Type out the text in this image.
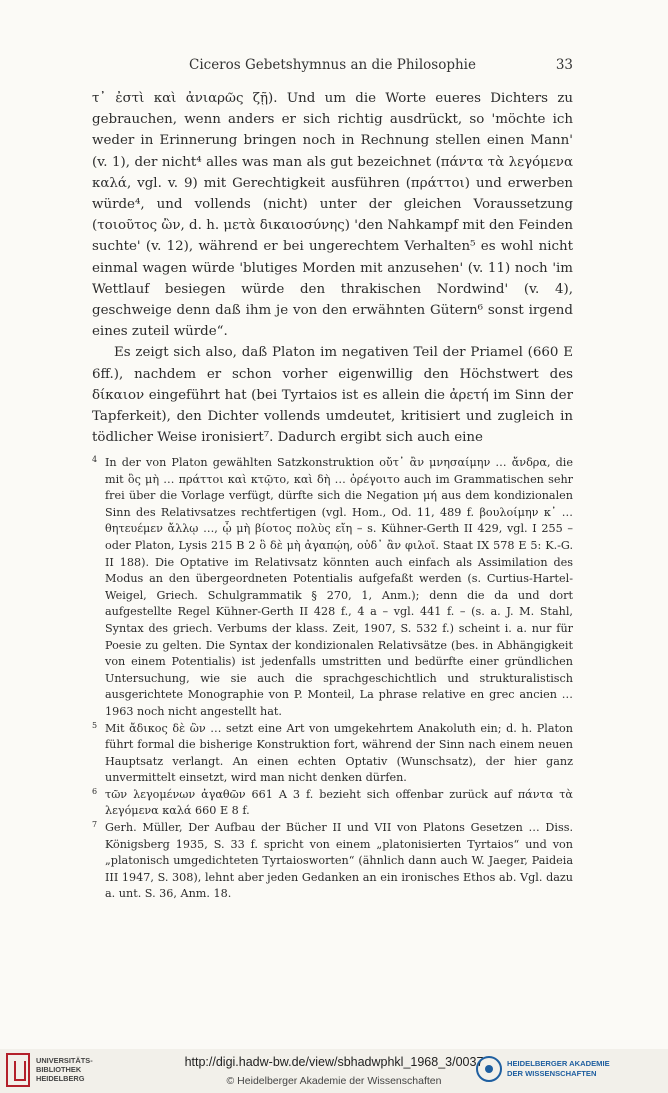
Ciceros Gebetshymnus an die Philosophie	33

τ᾽ ἐστὶ καὶ ἀνιαρῶς ζῇ). Und um die Worte eueres Dichters zu gebrauchen, wenn anders er sich richtig ausdrückt, so 'möchte ich weder in Erinnerung bringen noch in Rechnung stellen einen Mann' (v. 1), der nicht⁴ alles was man als gut bezeichnet (πάντα τὰ λεγόμενα καλά, vgl. v. 9) mit Gerechtigkeit ausführen (πράττοι) und erwerben würde⁴, und vollends (nicht) unter der gleichen Voraussetzung (τοιοῦτος ὢν, d. h. μετὰ δικαιοσύνης) 'den Nahkampf mit den Feinden suchte' (v. 12), während er bei ungerechtem Verhalten⁵ es wohl nicht einmal wagen würde 'blutiges Morden mit anzusehen' (v. 11) noch 'im Wettlauf besiegen würde den thrakischen Nordwind' (v. 4), geschweige denn daß ihm je von den erwähnten Gütern⁶ sonst irgend eines zuteil würde“.

Es zeigt sich also, daß Platon im negativen Teil der Priamel (660 E 6ff.), nachdem er schon vorher eigenwillig den Höchstwert des δίκαιον eingeführt hat (bei Tyrtaios ist es allein die ἀρετή im Sinn der Tapferkeit), den Dichter vollends umdeutet, kritisiert und zugleich in tödlicher Weise ironisiert⁷. Dadurch ergibt sich auch eine

4 In der von Platon gewählten Satzkonstruktion οὔτ᾽ ἂν μνησαίμην … ἄνδρα, die mit ὃς μὴ … πράττοι καὶ κτῷτο, καὶ δὴ … ὀρέγοιτο auch im Grammatischen sehr frei über die Vorlage verfügt, dürfte sich die Negation μή aus dem kondizionalen Sinn des Relativsatzes rechtfertigen (vgl. Hom., Od. 11, 489 f. βουλοίμην κ᾽ … θητευέμεν ἄλλῳ …, ᾧ μὴ βίοτος πολὺς εἴη – s. Kühner-Gerth II 429, vgl. I 255 – oder Platon, Lysis 215 B 2 ὃ δὲ μὴ ἀγαπῴη, οὐδ᾽ ἂν φιλοῖ. Staat IX 578 E 5: K.-G. II 188). Die Optative im Relativsatz könnten auch einfach als Assimilation des Modus an den übergeordneten Potentialis aufgefaßt werden (s. Curtius-Hartel-Weigel, Griech. Schulgrammatik § 270, 1, Anm.); denn die da und dort aufgestellte Regel Kühner-Gerth II 428 f., 4 a – vgl. 441 f. – (s. a. J. M. Stahl, Syntax des griech. Verbums der klass. Zeit, 1907, S. 532 f.) scheint i. a. nur für Poesie zu gelten. Die Syntax der kondizionalen Relativsätze (bes. in Abhängigkeit von einem Potentialis) ist jedenfalls umstritten und bedürfte einer gründlichen Untersuchung, wie sie auch die sprachgeschichtlich und strukturalistisch ausgerichtete Monographie von P. Monteil, La phrase relative en grec ancien … 1963 noch nicht angestellt hat.
5 Mit ἄδικος δὲ ὢν … setzt eine Art von umgekehrtem Anakoluth ein; d. h. Platon führt formal die bisherige Konstruktion fort, während der Sinn nach einem neuen Hauptsatz verlangt. An einen echten Optativ (Wunschsatz), der hier ganz unvermittelt einsetzt, wird man nicht denken dürfen.
6 τῶν λεγομένων ἀγαθῶν 661 A 3 f. bezieht sich offenbar zurück auf πάντα τὰ λεγόμενα καλά 660 E 8 f.
7 Gerh. Müller, Der Aufbau der Bücher II und VII von Platons Gesetzen … Diss. Königsberg 1935, S. 33 f. spricht von einem „platonisierten Tyrtaios“ und von „platonisch umgedichteten Tyrtaiosworten“ (ähnlich dann auch W. Jaeger, Paideia III 1947, S. 308), lehnt aber jeden Gedanken an ein ironisches Ethos ab. Vgl. dazu a. unt. S. 36, Anm. 18.
UNIVERSITÄTS-
BIBLIOTHEK
HEIDELBERG
http://digi.hadw-bw.de/view/sbhadwphkl_1968_3/0037
© Heidelberger Akademie der Wissenschaften
HEIDELBERGER AKADEMIE
DER WISSENSCHAFTEN
